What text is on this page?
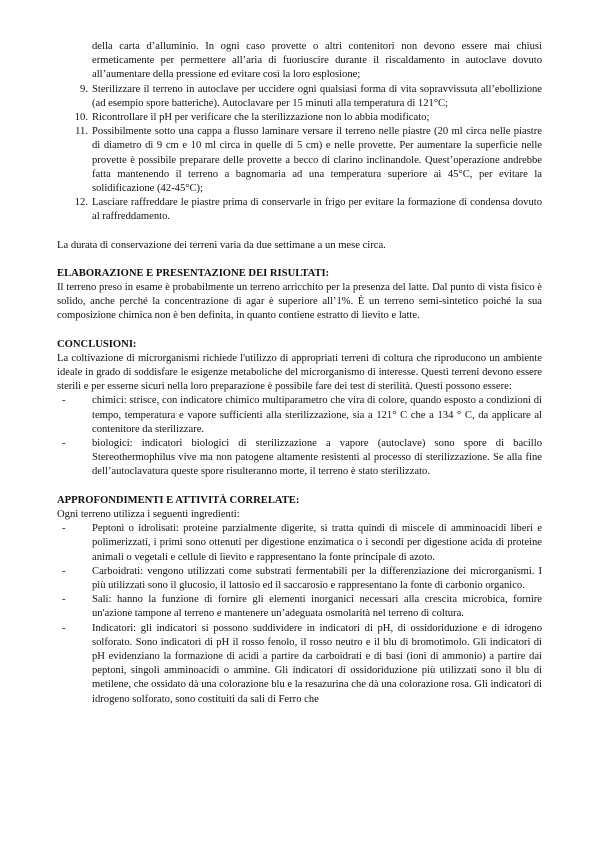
della carta d’alluminio. In ogni caso provette o altri contenitori non devono essere mai chiusi ermeticamente per permettere all’aria di fuoriuscire durante il riscaldamento in autoclave dovuto all’aumentare della pressione ed evitare così la loro esplosione;

9. Sterilizzare il terreno in autoclave per uccidere ogni qualsiasi forma di vita sopravvissuta all’ebollizione (ad esempio spore batteriche). Autoclavare per 15 minuti alla temperatura di 121°C;
10. Ricontrollare il pH per verificare che la sterilizzazione non lo abbia modificato;
11. Possibilmente sotto una cappa a flusso laminare versare il terreno nelle piastre (20 ml circa nelle piastre di diametro di 9 cm e 10 ml circa in quelle di 5 cm) e nelle provette. Per aumentare la superficie nelle provette è possibile preparare delle provette a becco di clarino inclinandole. Quest’operazione andrebbe fatta mantenendo il terreno a bagnomaria ad una temperatura superiore ai 45°C, per evitare la solidificazione (42-45°C);
12. Lasciare raffreddare le piastre prima di conservarle in frigo per evitare la formazione di condensa dovuto al raffreddamento.

La durata di conservazione dei terreni varia da due settimane a un mese circa.

ELABORAZIONE E PRESENTAZIONE DEI RISULTATI:

Il terreno preso in esame è probabilmente un terreno arricchito per la presenza del latte. Dal punto di vista fisico è solido, anche perché la concentrazione di agar è superiore all’1%. È un terreno semi-sintetico poiché la sua composizione chimica non è ben definita, in quanto contiene estratto di lievito e latte.

CONCLUSIONI:

La coltivazione di microrganismi richiede l'utilizzo di appropriati terreni di coltura che riproducono un ambiente ideale in grado di soddisfare le esigenze metaboliche del microrganismo di interesse. Questi terreni devono essere sterili e per esserne sicuri nella loro preparazione è possibile fare dei test di sterilità. Questi possono essere:

-	chimici: strisce, con indicatore chimico multiparametro che vira di colore, quando esposto a condizioni di tempo, temperatura e vapore sufficienti alla sterilizzazione, sia a 121° C che a 134 ° C, da applicare al contenitore da sterilizzare.
-	biologici: indicatori biologici di sterilizzazione a vapore (autoclave) sono spore di bacillo Stereothermophilus vive ma non patogene altamente resistenti al processo di sterilizzazione. Se alla fine dell’autoclavatura queste spore risulteranno morte, il terreno è stato sterilizzato.

APPROFONDIMENTI E ATTIVITÀ CORRELATE:

Ogni terreno utilizza i seguenti ingredienti:

-	Peptoni o idrolisati: proteine parzialmente digerite, si tratta quindi di miscele di amminoacidi liberi e polimerizzati, i primi sono ottenuti per digestione enzimatica o i secondi per digestione acida di proteine animali o vegetali e cellule di lievito e rappresentano la fonte principale di azoto.
-	Carboidrati: vengono utilizzati come substrati fermentabili per la differenziazione dei microrganismi. I più utilizzati sono il glucosio, il lattosio ed il saccarosio e rappresentano la fonte di carbonio organico.
-	Sali: hanno la funzione di fornire gli elementi inorganici necessari alla crescita microbica, fornire un'azione tampone al terreno e mantenere un’adeguata osmolarità nel terreno di coltura.
-	Indicatori: gli indicatori si possono suddividere in indicatori di pH, di ossidoriduzione e di idrogeno solforato. Sono indicatori di pH il rosso fenolo, il rosso neutro e il blu di bromotimolo. Gli indicatori di pH evidenziano la formazione di acidi a partire da carboidrati e di basi (ioni di ammonio) a partire dai peptoni, singoli amminoacidi o ammine. Gli indicatori di ossidoriduzione più utilizzati sono il blu di metilene, che ossidato dà una colorazione blu e la resazurina che dà una colorazione rosa. Gli indicatori di idrogeno solforato, sono costituiti da sali di Ferro che
